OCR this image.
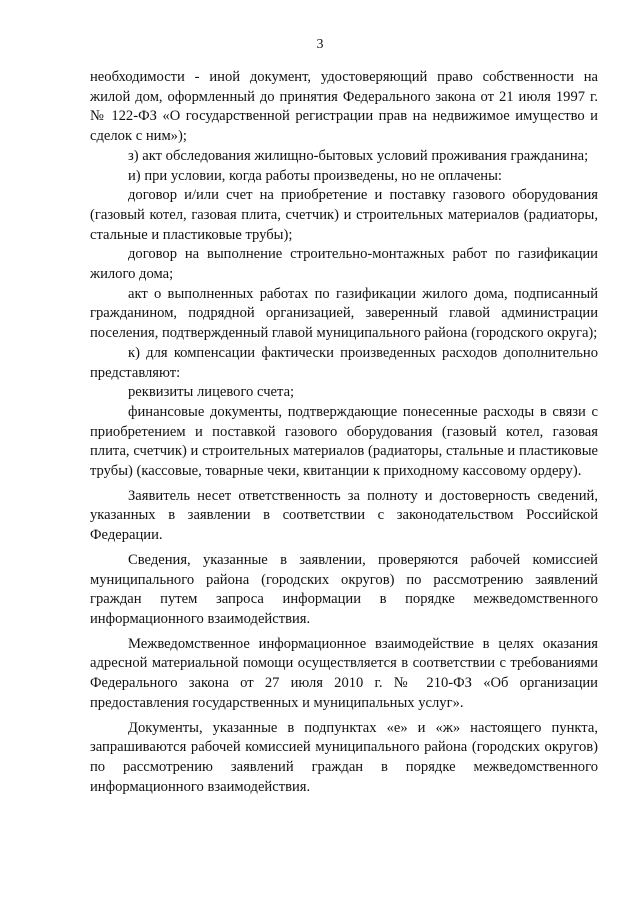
3

необходимости - иной документ, удостоверяющий право собственности на жилой дом, оформленный до принятия Федерального закона от 21 июля 1997 г. № 122-ФЗ «О государственной регистрации прав на недвижимое имущество и сделок с ним»);

з) акт обследования жилищно-бытовых условий проживания гражданина;

и) при условии, когда работы произведены, но не оплачены:

договор и/или счет на приобретение и поставку газового оборудования (газовый котел, газовая плита, счетчик) и строительных материалов (радиаторы, стальные и пластиковые трубы);

договор на выполнение строительно-монтажных работ по газификации жилого дома;

акт о выполненных работах по газификации жилого дома, подписанный гражданином, подрядной организацией, заверенный главой администрации поселения, подтвержденный главой муниципального района (городского округа);

к) для компенсации фактически произведенных расходов дополнительно представляют:

реквизиты лицевого счета;

финансовые документы, подтверждающие понесенные расходы в связи с приобретением и поставкой газового оборудования (газовый котел, газовая плита, счетчик) и строительных материалов (радиаторы, стальные и пластиковые трубы) (кассовые, товарные чеки, квитанции к приходному кассовому ордеру).

Заявитель несет ответственность за полноту и достоверность сведений, указанных в заявлении в соответствии с законодательством Российской Федерации.

Сведения, указанные в заявлении, проверяются рабочей комиссией муниципального района (городских округов) по рассмотрению заявлений граждан путем запроса информации в порядке межведомственного информационного взаимодействия.

Межведомственное информационное взаимодействие в целях оказания адресной материальной помощи осуществляется в соответствии с требованиями Федерального закона от 27 июля 2010 г. № 210-ФЗ «Об организации предоставления государственных и муниципальных услуг».

Документы, указанные в подпунктах «е» и «ж» настоящего пункта, запрашиваются рабочей комиссией муниципального района (городских округов) по рассмотрению заявлений граждан в порядке межведомственного информационного взаимодействия.
